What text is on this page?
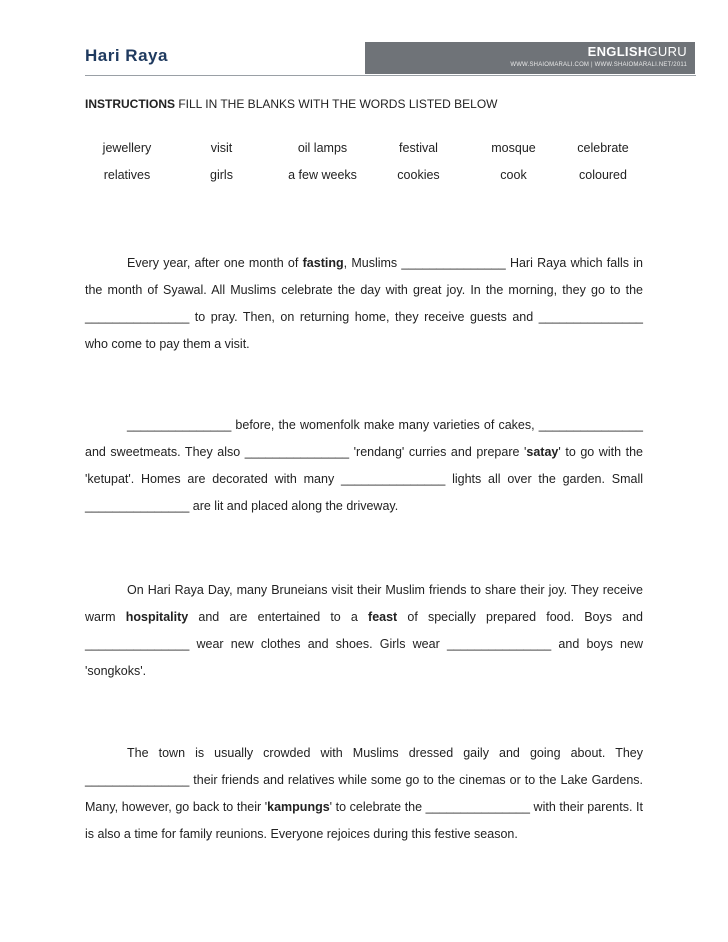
Hari Raya	ENGLISHGURU
WWW.SHAIOMARALI.COM | WWW.SHAIOMARALI.NET/2011
INSTRUCTIONS FILL IN THE BLANKS WITH THE WORDS LISTED BELOW
jewellery	visit	oil lamps	festival	mosque	celebrate
relatives	girls	a few weeks	cookies	cook	coloured
Every year, after one month of fasting, Muslims _______________ Hari Raya which falls in the month of Syawal. All Muslims celebrate the day with great joy. In the morning, they go to the _______________ to pray. Then, on returning home, they receive guests and _______________ who come to pay them a visit.
_______________ before, the womenfolk make many varieties of cakes, _______________ and sweetmeats. They also _______________ 'rendang' curries and prepare 'satay' to go with the 'ketupat'. Homes are decorated with many _______________ lights all over the garden. Small _______________ are lit and placed along the driveway.
On Hari Raya Day, many Bruneians visit their Muslim friends to share their joy. They receive warm hospitality and are entertained to a feast of specially prepared food. Boys and _______________ wear new clothes and shoes. Girls wear _______________ and boys new 'songkoks'.
The town is usually crowded with Muslims dressed gaily and going about. They _______________ their friends and relatives while some go to the cinemas or to the Lake Gardens. Many, however, go back to their 'kampungs' to celebrate the _______________ with their parents. It is also a time for family reunions. Everyone rejoices during this festive season.
